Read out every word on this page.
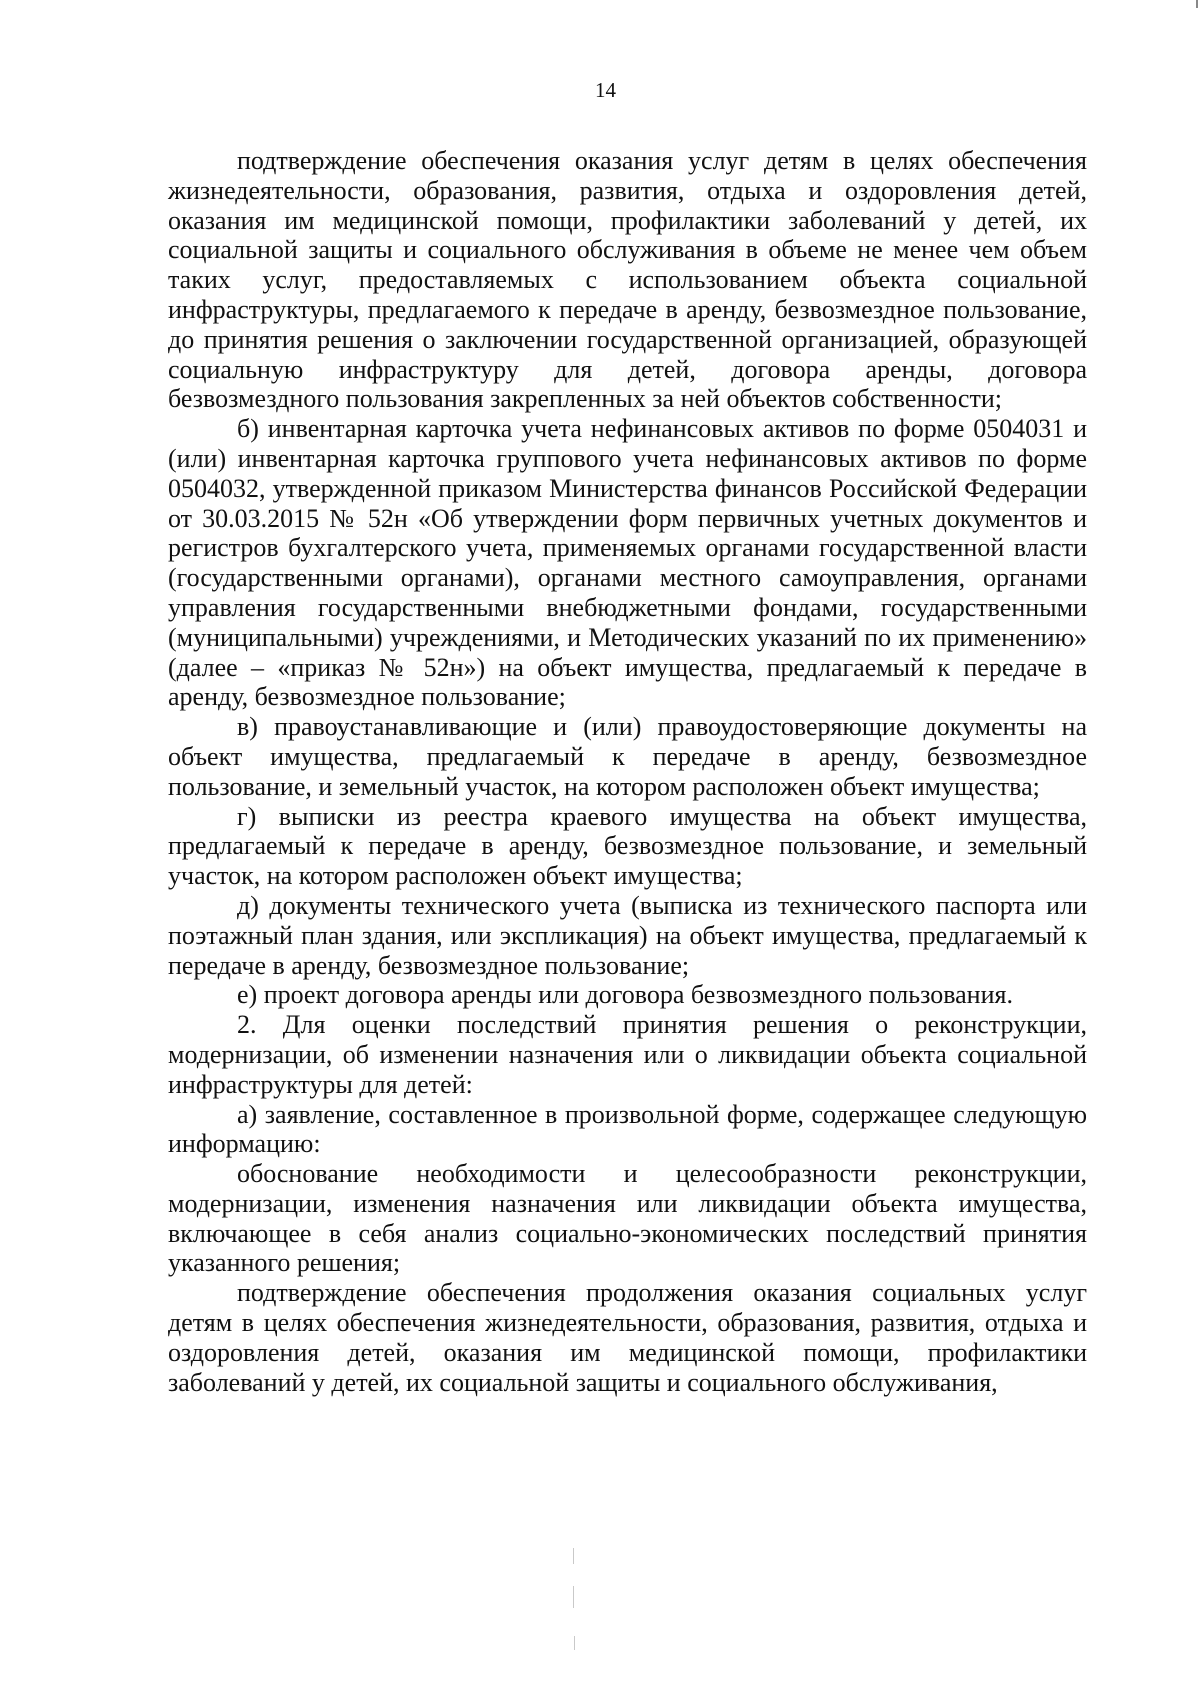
14

подтверждение обеспечения оказания услуг детям в целях обеспечения жизнедеятельности, образования, развития, отдыха и оздоровления детей, оказания им медицинской помощи, профилактики заболеваний у детей, их социальной защиты и социального обслуживания в объеме не менее чем объем таких услуг, предоставляемых с использованием объекта социальной инфраструктуры, предлагаемого к передаче в аренду, безвозмездное пользование, до принятия решения о заключении государственной организацией, образующей социальную инфраструктуру для детей, договора аренды, договора безвозмездного пользования закрепленных за ней объектов собственности;

б) инвентарная карточка учета нефинансовых активов по форме 0504031 и (или) инвентарная карточка группового учета нефинансовых активов по форме 0504032, утвержденной приказом Министерства финансов Российской Федерации от 30.03.2015 № 52н «Об утверждении форм первичных учетных документов и регистров бухгалтерского учета, применяемых органами государственной власти (государственными органами), органами местного самоуправления, органами управления государственными внебюджетными фондами, государственными (муниципальными) учреждениями, и Методических указаний по их применению» (далее – «приказ № 52н») на объект имущества, предлагаемый к передаче в аренду, безвозмездное пользование;

в) правоустанавливающие и (или) правоудостоверяющие документы на объект имущества, предлагаемый к передаче в аренду, безвозмездное пользование, и земельный участок, на котором расположен объект имущества;

г) выписки из реестра краевого имущества на объект имущества, предлагаемый к передаче в аренду, безвозмездное пользование, и земельный участок, на котором расположен объект имущества;

д) документы технического учета (выписка из технического паспорта или поэтажный план здания, или экспликация) на объект имущества, предлагаемый к передаче в аренду, безвозмездное пользование;

е) проект договора аренды или договора безвозмездного пользования.

2. Для оценки последствий принятия решения о реконструкции, модернизации, об изменении назначения или о ликвидации объекта социальной инфраструктуры для детей:

а) заявление, составленное в произвольной форме, содержащее следующую информацию:

обоснование необходимости и целесообразности реконструкции, модернизации, изменения назначения или ликвидации объекта имущества, включающее в себя анализ социально-экономических последствий принятия указанного решения;

подтверждение обеспечения продолжения оказания социальных услуг детям в целях обеспечения жизнедеятельности, образования, развития, отдыха и оздоровления детей, оказания им медицинской помощи, профилактики заболеваний у детей, их социальной защиты и социального обслуживания,
